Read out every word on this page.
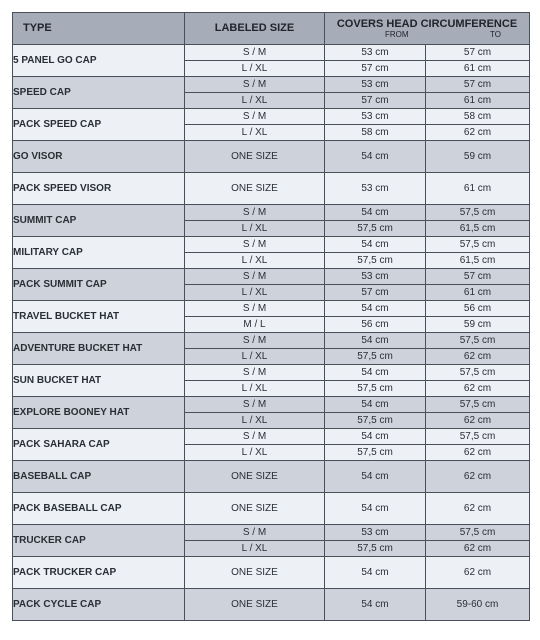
TYPE	LABELED SIZE	COVERS HEAD CIRCUMFERENCE
FROM TO	

5 PANEL GO CAP	S / M	53 cm	57 cm
	L / XL	57 cm	61 cm
SPEED CAP	S / M	53 cm	57 cm
	L / XL	57 cm	61 cm
PACK SPEED CAP	S / M	53 cm	58 cm
	L / XL	58 cm	62 cm
GO VISOR	ONE SIZE	54 cm	59 cm
PACK SPEED VISOR	ONE SIZE	53 cm	61 cm
SUMMIT CAP	S / M	54 cm	57,5 cm
	L / XL	57,5 cm	61,5 cm
MILITARY CAP	S / M	54 cm	57,5 cm
	L / XL	57,5 cm	61,5 cm
PACK SUMMIT CAP	S / M	53 cm	57 cm
	L / XL	57 cm	61 cm
TRAVEL BUCKET HAT	S / M	54 cm	56 cm
	M / L	56 cm	59 cm
ADVENTURE BUCKET HAT	S / M	54 cm	57,5 cm
	L / XL	57,5 cm	62 cm
SUN BUCKET HAT	S / M	54 cm	57,5 cm
	L / XL	57,5 cm	62 cm
EXPLORE BOONEY HAT	S / M	54 cm	57,5 cm
	L / XL	57,5 cm	62 cm
PACK SAHARA CAP	S / M	54 cm	57,5 cm
	L / XL	57,5 cm	62 cm
BASEBALL CAP	ONE SIZE	54 cm	62 cm
PACK BASEBALL CAP	ONE SIZE	54 cm	62 cm
TRUCKER CAP	S / M	53 cm	57,5 cm
	L / XL	57,5 cm	62 cm
PACK TRUCKER CAP	ONE SIZE	54 cm	62 cm
PACK CYCLE CAP	ONE SIZE	54 cm	59-60 cm
